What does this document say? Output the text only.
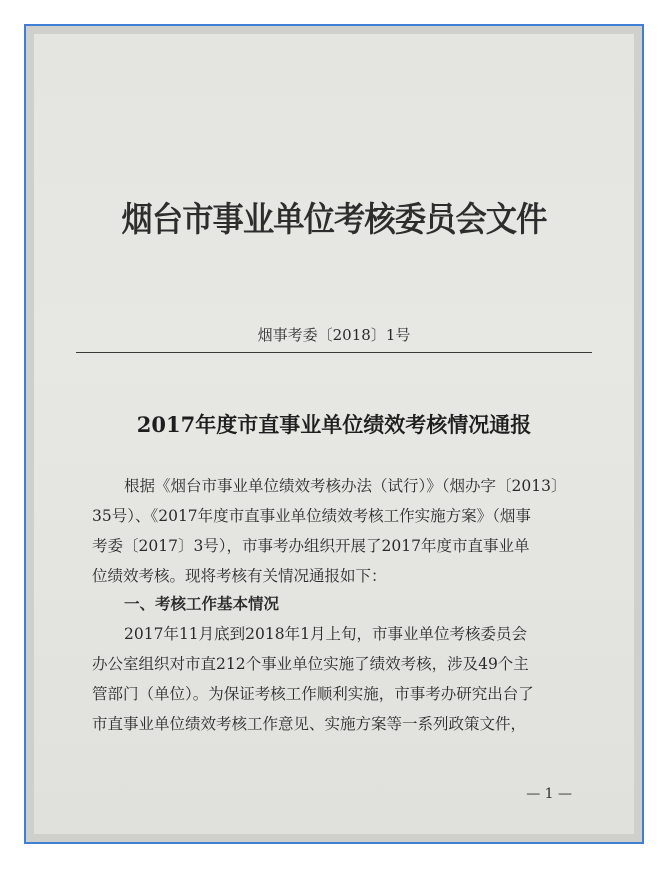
烟台市事业单位考核委员会文件
烟事考委〔2018〕1号
2017年度市直事业单位绩效考核情况通报
根据《烟台市事业单位绩效考核办法（试行）》（烟办字〔2013〕
35号）、《2017年度市直事业单位绩效考核工作实施方案》（烟事
考委〔2017〕3号），市事考办组织开展了2017年度市直事业单
位绩效考核。现将考核有关情况通报如下：
一、考核工作基本情况
2017年11月底到2018年1月上旬，市事业单位考核委员会
办公室组织对市直212个事业单位实施了绩效考核，涉及49个主
管部门（单位）。为保证考核工作顺利实施，市事考办研究出台了
市直事业单位绩效考核工作意见、实施方案等一系列政策文件，
— 1 —
